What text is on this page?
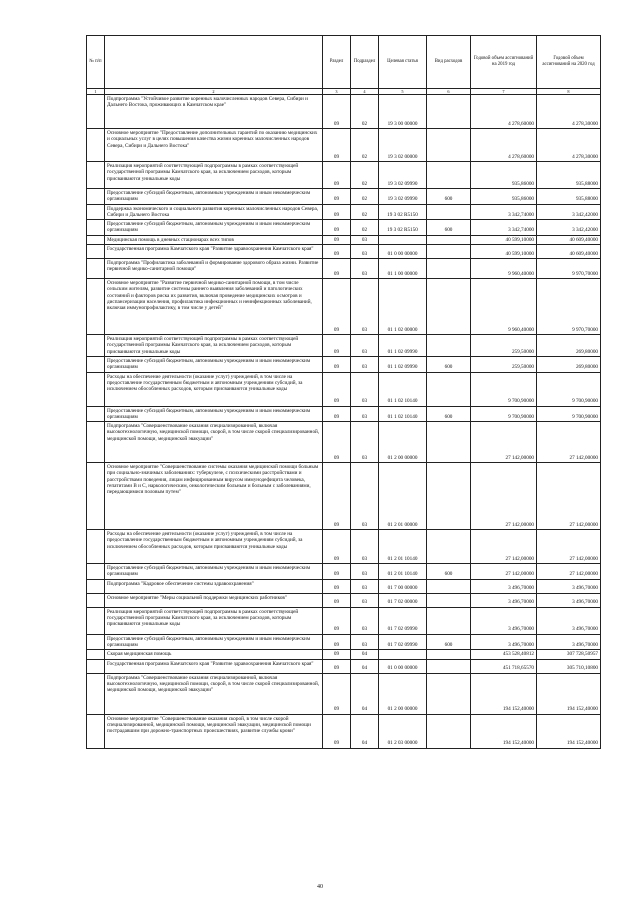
№ п/п		Раздел	Подраздел	Целевая статья	Вид расходов	Годовой объем ассигнований на 2019 год	Годовой объем ассигнований на 2020 год
1	2	3	4	5	6	7	8
	Подпрограмма "Устойчивое развитие коренных малочисленных народов Севера, Сибири и Дальнего Востока, проживающих в Камчатском крае"	09	02	19 3 00 00000		4 278,60000	4 278,30000
	Основное мероприятие "Предоставление дополнительных гарантий по оказанию медицинских и социальных услуг в целях повышения качества жизни коренных малочисленных народов Севера, Сибири и Дальнего Востока"	09	02	19 3 02 00000		4 278,60000	4 278,30000
	Реализация мероприятий соответствующей подпрограммы в рамках соответствующей государственной программы Камчатского края, за исключением расходов, которым присваиваются уникальные коды	09	02	19 3 02 09990		935,86000	935,88000
	Предоставление субсидий бюджетным, автономным учреждениям и иным некоммерческим организациям	09	02	19 3 02 09990	600	935,86000	935,88000
	Поддержка экономического и социального развития коренных малочисленных народов Севера, Сибири и Дальнего Востока	09	02	19 3 02 R5150		3 342,74000	3 342,42000
	Предоставление субсидий бюджетным, автономным учреждениям и иным некоммерческим организациям	09	02	19 3 02 R5150	600	3 342,74000	3 342,42000
	Медицинская помощь в дневных стационарах всех типов	09	03			40 599,10000	40 609,40000
	Государственная программа Камчатского края "Развитие здравоохранения Камчатского края"	09	03	01 0 00 00000		40 599,10000	40 609,40000
	Подпрограмма "Профилактика заболеваний и формирование здорового образа жизни. Развитие первичной медико-санитарной помощи"	09	03	01 1 00 00000		9 960,40000	9 970,70000
	Основное мероприятие "Развитие первичной медико-санитарной помощи, в том числе сельским жителям, развитие системы раннего выявления заболеваний и патологических состояний и факторов риска их развития, включая проведение медицинских осмотров и диспансеризации населения, профилактика инфекционных и неинфекционных заболеваний, включая иммунопрофилактику, в том числе у детей"	09	03	01 1 02 00000		9 960,40000	9 970,70000
	Реализация мероприятий соответствующей подпрограммы в рамках соответствующей государственной программы Камчатского края, за исключением расходов, которым присваиваются уникальные коды	09	03	01 1 02 09990		259,50000	269,80000
	Предоставление субсидий бюджетным, автономным учреждениям и иным некоммерческим организациям	09	03	01 1 02 09990	600	259,50000	269,80000
	Расходы на обеспечение деятельности (оказание услуг) учреждений, в том числе на предоставление государственным бюджетным и автономным учреждениям субсидий, за исключением обособленных расходов, которым присваиваются уникальные коды	09	03	01 1 02 10140		9 700,90000	9 700,90000
	Предоставление субсидий бюджетным, автономным учреждениям и иным некоммерческим организациям	09	03	01 1 02 10140	600	9 700,90000	9 700,90000
	Подпрограмма "Совершенствование оказания специализированной, включая высокотехнологичную, медицинской помощи, скорой, в том числе скорой специализированной, медицинской помощи, медицинской эвакуации"	09	03	01 2 00 00000		27 142,00000	27 142,00000
	Основное мероприятие "Совершенствование системы оказания медицинской помощи больным при социально-значимых заболеваниях: туберкулезе, с психическими расстройствами и расстройствами поведения, лицам инфицированным вирусом иммунодефицита человека, гепатитами В и С, наркологическим, онкологическим больным и больным с заболеваниями, передающимися половым путем"	09	03	01 2 01 00000		27 142,00000	27 142,00000
	Расходы на обеспечение деятельности (оказание услуг) учреждений, в том числе на предоставление государственным бюджетным и автономным учреждениям субсидий, за исключением обособленных расходов, которым присваиваются уникальные коды	09	03	01 2 01 10140		27 142,00000	27 142,00000
	Предоставление субсидий бюджетным, автономным учреждениям и иным некоммерческим организациям	09	03	01 2 01 10140	600	27 142,00000	27 142,00000
	Подпрограмма "Кадровое обеспечение системы здравоохранения"	09	03	01 7 00 00000		3 496,70000	3 496,70000
	Основное мероприятие "Меры социальной поддержки медицинских работников"	09	03	01 7 02 00000		3 496,70000	3 496,70000
	Реализация мероприятий соответствующей подпрограммы в рамках соответствующей государственной программы Камчатского края, за исключением расходов, которым присваиваются уникальные коды	09	03	01 7 02 09990		3 496,70000	3 496,70000
	Предоставление субсидий бюджетным, автономным учреждениям и иным некоммерческим организациям	09	03	01 7 02 09990	600	3 496,70000	3 496,70000
	Скорая медицинская помощь	09	04			453 528,40812	307 728,50957
	Государственная программа Камчатского края "Развитие здравоохранения Камчатского края"	09	04	01 0 00 00000		451 718,65570	305 710,10800
	Подпрограмма "Совершенствование оказания специализированной, включая высокотехнологичную, медицинской помощи, скорой, в том числе скорой специализированной, медицинской помощи, медицинской эвакуации"	09	04	01 2 00 00000		194 152,40000	194 152,40000
	Основное мероприятие "Совершенствование оказания скорой, в том числе скорой специализированной, медицинской помощи, медицинской эвакуации, медицинской помощи пострадавшим при дорожно-транспортных происшествиях, развитие службы крови"	09	04	01 2 03 00000		194 152,40000	194 152,40000
40
